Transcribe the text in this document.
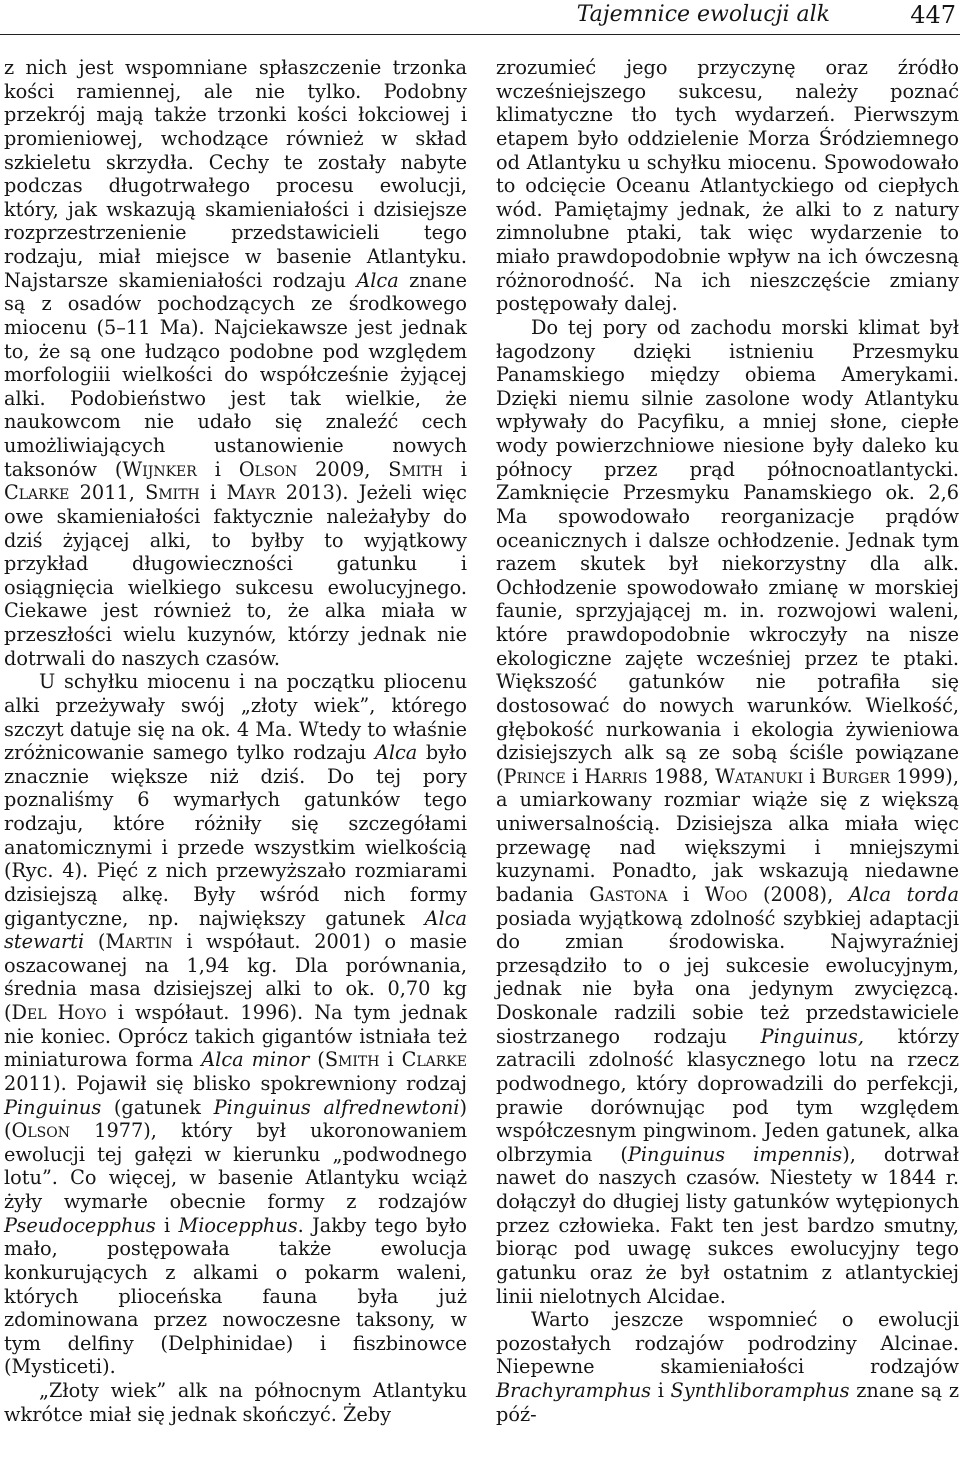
Tajemnice ewolucji alk	447

z nich jest wspomniane spłaszczenie trzonka kości ramiennej, ale nie tylko. Podobny przekrój mają także trzonki kości łokciowej i promieniowej, wchodzące również w skład szkieletu skrzydła. Cechy te zostały nabyte podczas długotrwałego procesu ewolucji, który, jak wskazują skamieniałości i dzisiejsze rozprzestrzenienie przedstawicieli tego rodzaju, miał miejsce w basenie Atlantyku. Najstarsze skamieniałości rodzaju Alca znane są z osadów pochodzących ze środkowego miocenu (5–11 Ma). Najciekawsze jest jednak to, że są one łudząco podobne pod względem morfologiii wielkości do współcześnie żyjącej alki. Podobieństwo jest tak wielkie, że naukowcom nie udało się znaleźć cech umożliwiających ustanowienie nowych taksonów (Wijnker i Olson 2009, Smith i Clarke 2011, Smith i Mayr 2013). Jeżeli więc owe skamieniałości faktycznie należałyby do dziś żyjącej alki, to byłby to wyjątkowy przykład długowieczności gatunku i osiągnięcia wielkiego sukcesu ewolucyjnego. Ciekawe jest również to, że alka miała w przeszłości wielu kuzynów, którzy jednak nie dotrwali do naszych czasów.

U schyłku miocenu i na początku pliocenu alki przeżywały swój „złoty wiek”, którego szczyt datuje się na ok. 4 Ma. Wtedy to właśnie zróżnicowanie samego tylko rodzaju Alca było znacznie większe niż dziś. Do tej pory poznaliśmy 6 wymarłych gatunków tego rodzaju, które różniły się szczegółami anatomicznymi i przede wszystkim wielkością (Ryc. 4). Pięć z nich przewyższało rozmiarami dzisiejszą alkę. Były wśród nich formy gigantyczne, np. największy gatunek Alca stewarti (Martin i współaut. 2001) o masie oszacowanej na 1,94 kg. Dla porównania, średnia masa dzisiejszej alki to ok. 0,70 kg (Del Hoyo i współaut. 1996). Na tym jednak nie koniec. Oprócz takich gigantów istniała też miniaturowa forma Alca minor (Smith i Clarke 2011). Pojawił się blisko spokrewniony rodzaj Pinguinus (gatunek Pinguinus alfrednewtoni) (Olson 1977), który był ukoronowaniem ewolucji tej gałęzi w kierunku „podwodnego lotu”. Co więcej, w basenie Atlantyku wciąż żyły wymarłe obecnie formy z rodzajów Pseudocepphus i Miocepphus. Jakby tego było mało, postępowała także ewolucja konkurujących z alkami o pokarm waleni, których plioceńska fauna była już zdominowana przez nowoczesne taksony, w tym delfiny (Delphinidae) i fiszbinowce (Mysticeti).

„Złoty wiek” alk na północnym Atlantyku wkrótce miał się jednak skończyć. Żeby

zrozumieć jego przyczynę oraz źródło wcześniejszego sukcesu, należy poznać klimatyczne tło tych wydarzeń. Pierwszym etapem było oddzielenie Morza Śródziemnego od Atlantyku u schyłku miocenu. Spowodowało to odcięcie Oceanu Atlantyckiego od ciepłych wód. Pamiętajmy jednak, że alki to z natury zimnolubne ptaki, tak więc wydarzenie to miało prawdopodobnie wpływ na ich ówczesną różnorodność. Na ich nieszczęście zmiany postępowały dalej.

Do tej pory od zachodu morski klimat był łagodzony dzięki istnieniu Przesmyku Panamskiego między obiema Amerykami. Dzięki niemu silnie zasolone wody Atlantyku wpływały do Pacyfiku, a mniej słone, ciepłe wody powierzchniowe niesione były daleko ku północy przez prąd północnoatlantycki. Zamknięcie Przesmyku Panamskiego ok. 2,6 Ma spowodowało reorganizacje prądów oceanicznych i dalsze ochłodzenie. Jednak tym razem skutek był niekorzystny dla alk. Ochłodzenie spowodowało zmianę w morskiej faunie, sprzyjającej m. in. rozwojowi waleni, które prawdopodobnie wkroczyły na nisze ekologiczne zajęte wcześniej przez te ptaki. Większość gatunków nie potrafiła się dostosować do nowych warunków. Wielkość, głębokość nurkowania i ekologia żywieniowa dzisiejszych alk są ze sobą ściśle powiązane (Prince i Harris 1988, Watanuki i Burger 1999), a umiarkowany rozmiar wiąże się z większą uniwersalnością. Dzisiejsza alka miała więc przewagę nad większymi i mniejszymi kuzynami. Ponadto, jak wskazują niedawne badania Gastona i Woo (2008), Alca torda posiada wyjątkową zdolność szybkiej adaptacji do zmian środowiska. Najwyraźniej przesądziło to o jej sukcesie ewolucyjnym, jednak nie była ona jedynym zwycięzcą. Doskonale radzili sobie też przedstawiciele siostrzanego rodzaju Pinguinus, którzy zatracili zdolność klasycznego lotu na rzecz podwodnego, który doprowadzili do perfekcji, prawie dorównując pod tym względem współczesnym pingwinom. Jeden gatunek, alka olbrzymia (Pinguinus impennis), dotrwał nawet do naszych czasów. Niestety w 1844 r. dołączył do długiej listy gatunków wytępionych przez człowieka. Fakt ten jest bardzo smutny, biorąc pod uwagę sukces ewolucyjny tego gatunku oraz że był ostatnim z atlantyckiej linii nielotnych Alcidae.

Warto jeszcze wspomnieć o ewolucji pozostałych rodzajów podrodziny Alcinae. Niepewne skamieniałości rodzajów Brachyramphus i Synthliboramphus znane są z póź-
